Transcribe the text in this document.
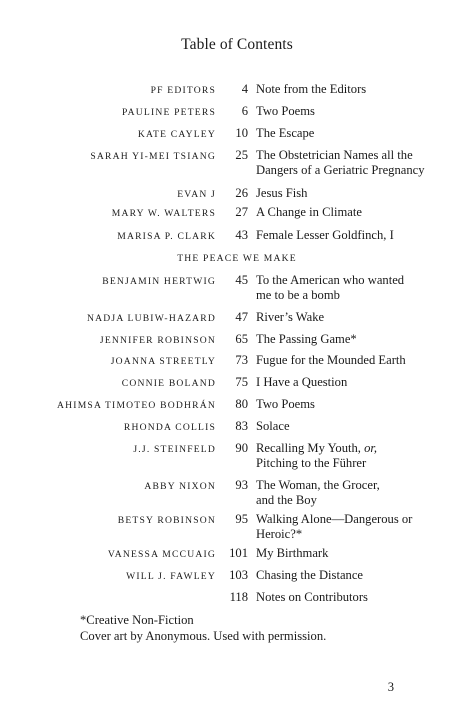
Table of Contents
PF EDITORS	4 Note from the Editors
PAULINE PETERS	6 Two Poems
KATE CAYLEY	10 The Escape
SARAH YI-MEI TSIANG	25 The Obstetrician Names all the Dangers of a Geriatric Pregnancy
EVAN J	26 Jesus Fish
MARY W. WALTERS	27 A Change in Climate
MARISA P. CLARK	43 Female Lesser Goldfinch, I
THE PEACE WE MAKE
BENJAMIN HERTWIG	45 To the American who wanted me to be a bomb
NADJA LUBIW-HAZARD	47 River’s Wake
JENNIFER ROBINSON	65 The Passing Game*
JOANNA STREETLY	73 Fugue for the Mounded Earth
CONNIE BOLAND	75 I Have a Question
AHIMSA TIMOTEO BODHRÁN	80 Two Poems
RHONDA COLLIS	83 Solace
J.J. STEINFELD	90 Recalling My Youth, or, Pitching to the Führer
ABBY NIXON	93 The Woman, the Grocer, and the Boy
BETSY ROBINSON	95 Walking Alone—Dangerous or Heroic?*
VANESSA MCCUAIG	101 My Birthmark
WILL J. FAWLEY	103 Chasing the Distance
118 Notes on Contributors
*Creative Non-Fiction
Cover art by Anonymous. Used with permission.
3
